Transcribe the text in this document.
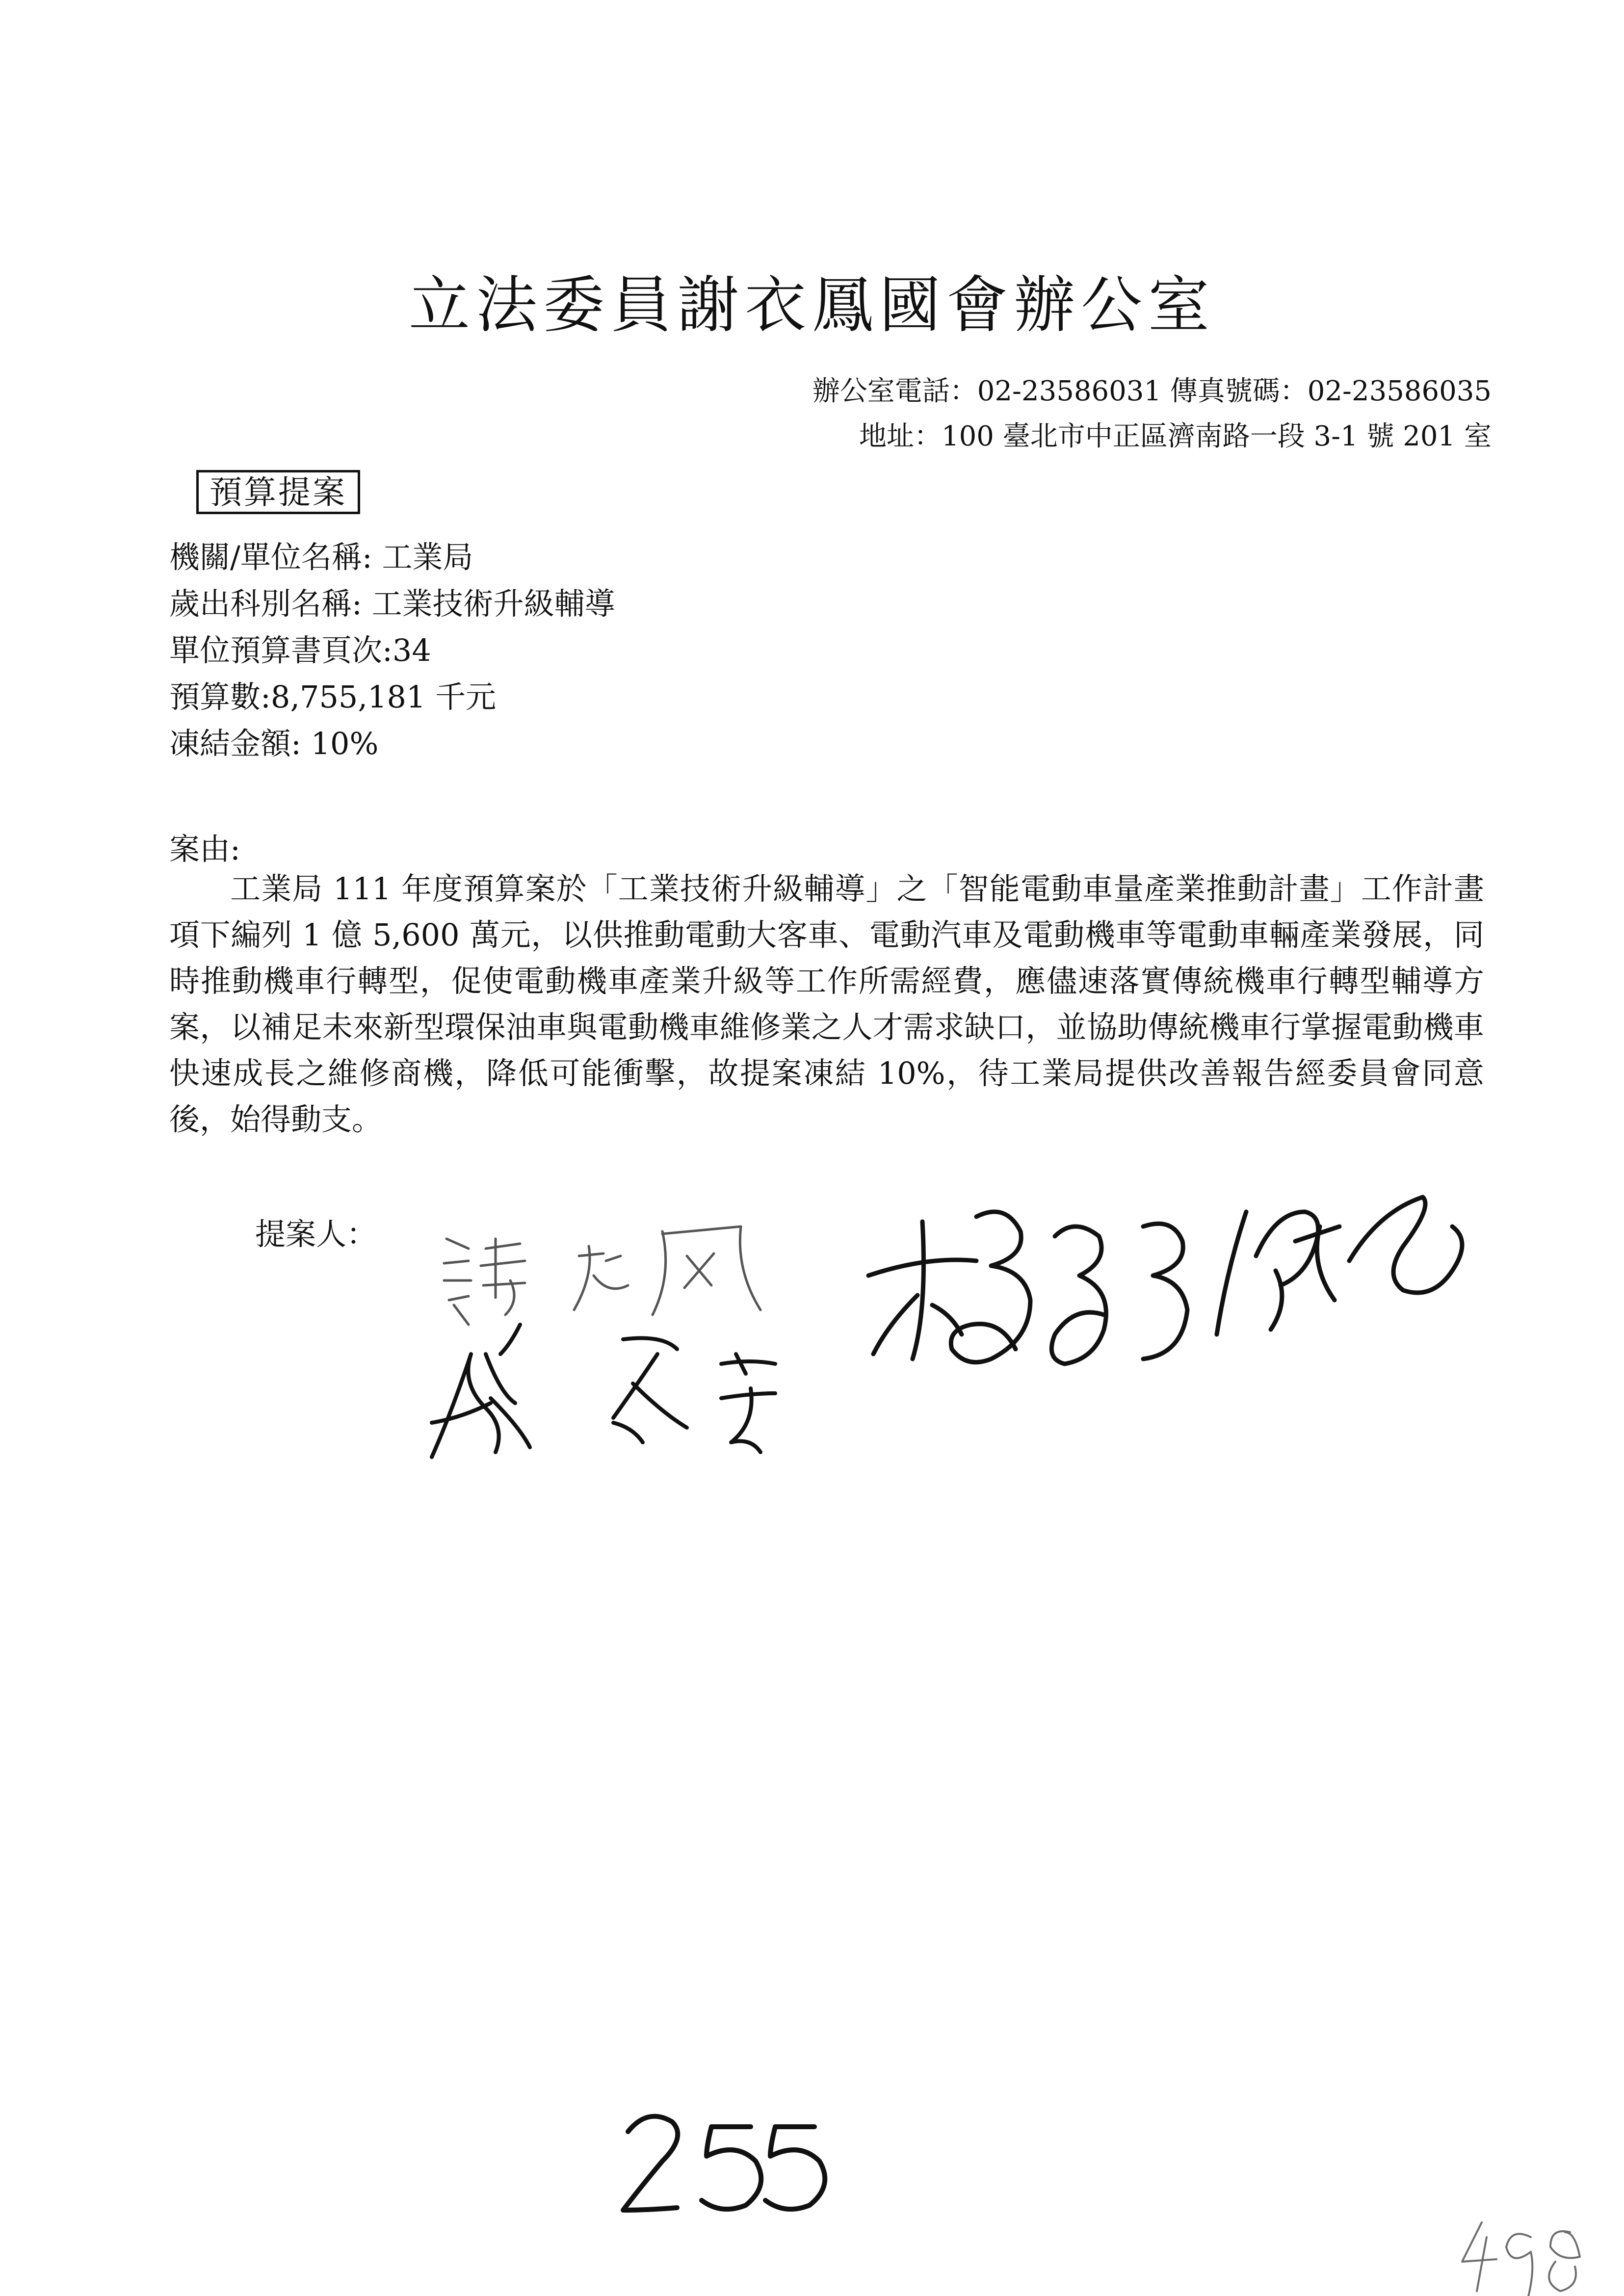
立法委員謝衣鳳國會辦公室
辦公室電話：02-23586031 傳真號碼：02-23586035
地址：100 臺北市中正區濟南路一段 3-1 號 201 室
預算提案
機關/單位名稱: 工業局
歲出科別名稱: 工業技術升級輔導
單位預算書頁次:34
預算數:8,755,181 千元
凍結金額: 10%
案由:
工業局 111 年度預算案於「工業技術升級輔導」之「智能電動車量產業推動計畫」工作計畫項下編列 1 億 5,600 萬元，以供推動電動大客車、電動汽車及電動機車等電動車輛產業發展，同時推動機車行轉型，促使電動機車產業升級等工作所需經費，應儘速落實傳統機車行轉型輔導方案，以補足未來新型環保油車與電動機車維修業之人才需求缺口，並協助傳統機車行掌握電動機車快速成長之維修商機，降低可能衝擊，故提案凍結 10%，待工業局提供改善報告經委員會同意後，始得動支。
提案人：
